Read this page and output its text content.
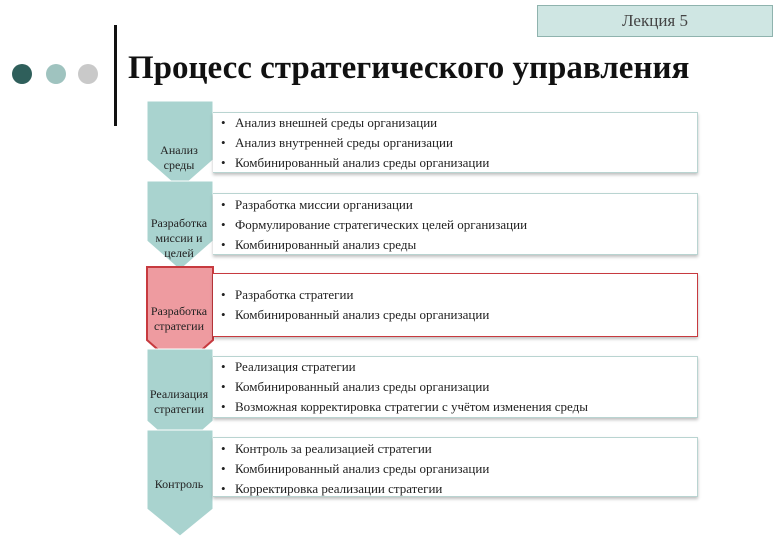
Лекция 5
Процесс стратегического управления
Анализ среды
Разработка миссии и целей
Разработка стратегии
Реализация стратегии
Контроль
• Анализ внешней среды организации
• Анализ внутренней среды организации
• Комбинированный анализ среды организации
• Разработка миссии организации
• Формулирование стратегических целей организации
• Комбинированный анализ среды
• Разработка стратегии
• Комбинированный анализ среды организации
• Реализация стратегии
• Комбинированный анализ среды организации
• Возможная корректировка стратегии с учётом изменения среды
• Контроль за реализацией стратегии
• Комбинированный анализ среды организации
• Корректировка реализации стратегии
